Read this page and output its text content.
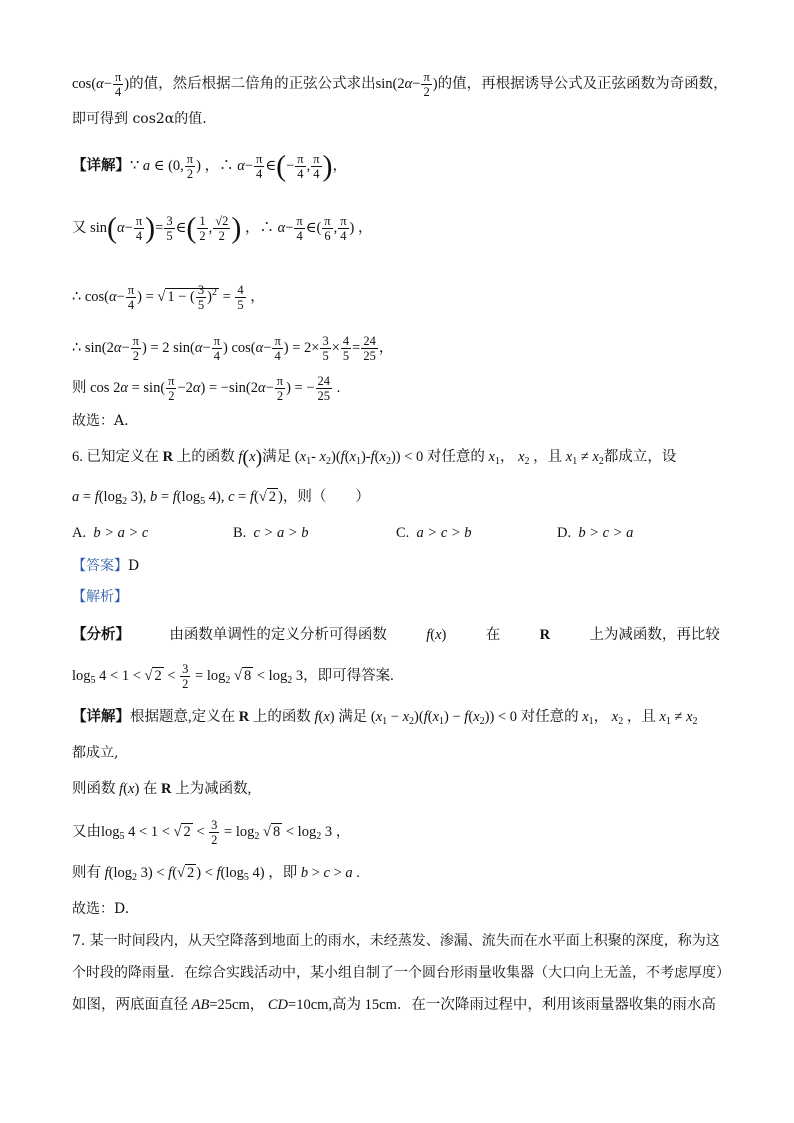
$\cos(\alpha- \frac{\pi}{4}$ )的值，然后根据二倍角的正弦公式求出$\sin(2\alpha- \frac{\pi}{2}$ )的值，再根据诱导公式及正弦函数为奇函数，
即可得到 cos2α的值.
【详解】∵ a ∈ (0, $\frac{\pi}{2}$ ) ，∴ $\alpha- \frac{\pi}{4}$ ∈(− $\frac{\pi}{4}$ , $\frac{\pi}{4}$ )，
又 $\sin(\alpha- \frac{\pi}{4}$ )= $\frac{3}{5}$ ∈( $\frac{1}{2}$ , $\frac{√2}{2}$ ) ，∴ $\alpha- \frac{\pi}{4}$ ∈( $\frac{\pi}{6}$ , $\frac{\pi}{4}$ ) ，
∴ $\cos(\alpha- \frac{\pi}{4}$ ) = √ 1 − ( $\frac{3}{5} )^2 = \frac{4}{5}$ ，
∴ $\sin(2\alpha- \frac{\pi}{2}$ ) = 2 $\sin(\alpha- \frac{\pi}{4}$ ) $\cos(\alpha- \frac{\pi}{4}$ ) = $2\times \frac{3}{5} \times \frac{4}{5} = \frac{24}{25}$ ，
则 $\cos 2\alpha = \sin( \frac{\pi}{2} -2\alpha) = -\sin(2\alpha- \frac{\pi}{2}$ ) = − $\frac{24}{25}$ .
故选：A.
6. 已知定义在 R 上的函数 f(x)满足 ($x_1-$ $x_2)(f(x_1)-f(x_2)) < 0$ 对任意的 $x_1$， $x_2$ ，且 $x_1 \ne x_2$都成立，设
$a = f(\log_2$ 3), $b = f(\log_5$ 4), c = f(√ 2 )，则（　　）
A. b > a > c	B. c > a > b	C. a > c > b	D. b > c > a
【答案】D
【解析】
【分析】	由函数单调性的定义分析可得函数	f(x)	在	R	上为减函数，再比较
$\log_5 4 < 1$ < √ $2 < \frac{3}{2} = \log_2$ √ $8 < \log_2 3$，即可得答案.
【详解】根据题意,定义在 R 上的函数 f(x) 满足 $(x_1 - x_2)(f(x_1) - f(x_2)) < 0$ 对任意的 $x_1$， $x_2$ ，且 $x_1 \ne x_2$
都成立,
则函数 f(x) 在 R 上为减函数,
又由$\log_5 4 < 1$ < √ $2 < \frac{3}{2} = \log_2$ √ $8 < \log_2 3$ ，
则有 $f(\log_2$ 3) < f(√ 2 ) < $f(\log_5$ 4) ，即 b > c > a .
故选：D.
7. 某一时间段内，从天空降落到地面上的雨水，未经蒸发、渗漏、流失而在水平面上积聚的深度，称为这
个时段的降雨量．在综合实践活动中，某小组自制了一个圆台形雨量收集器（大口向上无盖，不考虑厚度）
如图，两底面直径 AB=25cm， CD=10cm,高为 15cm．在一次降雨过程中，利用该雨量器收集的雨水高
